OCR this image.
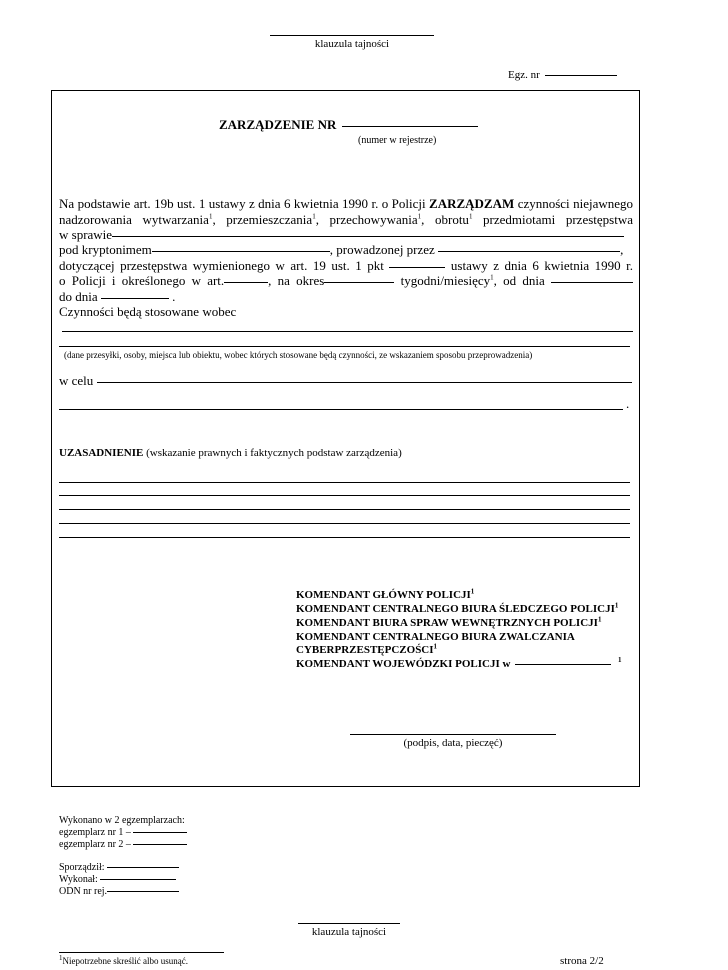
klauzula tajności
Egz. nr
ZARZĄDZENIE NR
(numer w rejestrze)
Na podstawie art. 19b ust. 1 ustawy z dnia 6 kwietnia 1990 r. o Policji ZARZĄDZAM czynności niejawnego
nadzorowania wytwarzania$^1$, przemieszczania$^1$, przechowywania$^1$, obrotu$^1$ przedmiotami przestępstwa
w sprawie
pod kryptonimem	, prowadzonej przez	,
dotyczącej przestępstwa wymienionego w art. 19 ust. 1 pkt	ustawy z dnia 6 kwietnia 1990 r.
o Policji i określonego w art.	, na okres	tygodni/miesięcy$^1$, od dnia
do dnia	.
Czynności będą stosowane wobec
(dane przesyłki, osoby, miejsca lub obiektu, wobec których stosowane będą czynności, ze wskazaniem sposobu przeprowadzenia)
w celu
.
UZASADNIENIE (wskazanie prawnych i faktycznych podstaw zarządzenia)
KOMENDANT GŁÓWNY POLICJI$^1$
KOMENDANT CENTRALNEGO BIURA ŚLEDCZEGO POLICJI$^1$
KOMENDANT BIURA SPRAW WEWNĘTRZNYCH POLICJI$^1$
KOMENDANT CENTRALNEGO BIURA ZWALCZANIA
CYBERPRZESTĘPCZOŚCI$^1$
KOMENDANT WOJEWÓDZKI POLICJI w	$^1$
(podpis, data, pieczęć)
Wykonano w 2 egzemplarzach:
egzemplarz nr 1 –
egzemplarz nr 2 –
Sporządził:
Wykonał:
ODN nr rej.
klauzula tajności
$^1$Niepotrzebne skreślić albo usunąć.	strona 2/2
